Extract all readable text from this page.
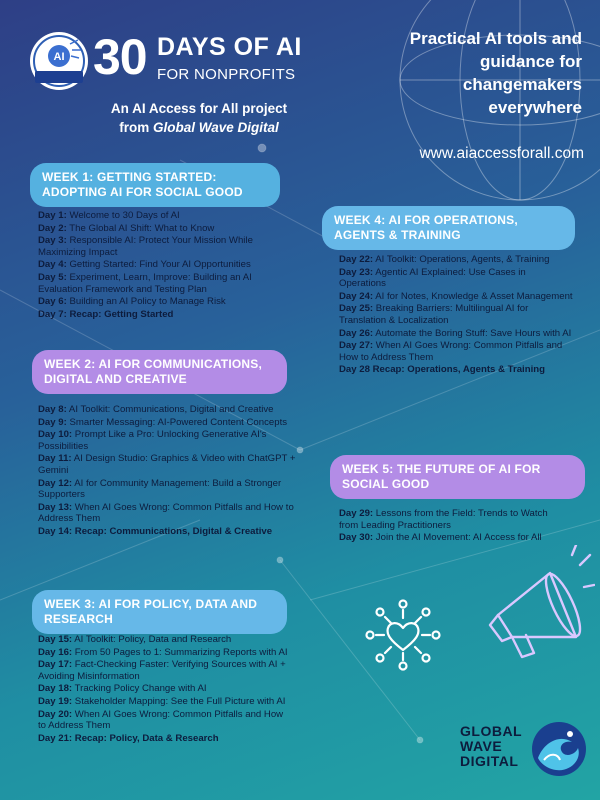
AI 30 DAYS OF AI
FOR NONPROFITS
An AI Access for All project
from Global Wave Digital
Practical AI tools and guidance for changemakers everywhere
www.aiaccessforall.com
WEEK 1: GETTING STARTED: ADOPTING AI FOR SOCIAL GOOD
Day 1: Welcome to 30 Days of AI
Day 2: The Global AI Shift: What to Know
Day 3: Responsible AI: Protect Your Mission While Maximizing Impact
Day 4: Getting Started: Find Your AI Opportunities
Day 5: Experiment, Learn, Improve: Building an AI Evaluation Framework and Testing Plan
Day 6: Building an AI Policy to Manage Risk
Day 7: Recap: Getting Started
WEEK 2: AI FOR COMMUNICATIONS, DIGITAL AND CREATIVE
Day 8: AI Toolkit: Communications, Digital and Creative
Day 9: Smarter Messaging: AI-Powered Content Concepts
Day 10: Prompt Like a Pro: Unlocking Generative AI's Possibilities
Day 11: AI Design Studio: Graphics & Video with ChatGPT + Gemini
Day 12: AI for Community Management: Build a Stronger Supporters
Day 13: When AI Goes Wrong: Common Pitfalls and How to Address Them
Day 14: Recap: Communications, Digital & Creative
WEEK 3: AI FOR POLICY, DATA AND RESEARCH
Day 15: AI Toolkit: Policy, Data and Research
Day 16: From 50 Pages to 1: Summarizing Reports with AI
Day 17: Fact-Checking Faster: Verifying Sources with AI + Avoiding Misinformation
Day 18: Tracking Policy Change with AI
Day 19: Stakeholder Mapping: See the Full Picture with AI
Day 20: When AI Goes Wrong: Common Pitfalls and How to Address Them
Day 21: Recap: Policy, Data & Research
WEEK 4: AI FOR OPERATIONS, AGENTS & TRAINING
Day 22: AI Toolkit: Operations, Agents, & Training
Day 23: Agentic AI Explained: Use Cases in Operations
Day 24: AI for Notes, Knowledge & Asset Management
Day 25: Breaking Barriers: Multilingual AI for Translation & Localization
Day 26: Automate the Boring Stuff: Save Hours with AI
Day 27: When AI Goes Wrong: Common Pitfalls and How to Address Them
Day 28 Recap: Operations, Agents & Training
WEEK 5: THE FUTURE OF AI FOR SOCIAL GOOD
Day 29: Lessons from the Field: Trends to Watch from Leading Practitioners
Day 30: Join the AI Movement: AI Access for All
GLOBAL
WAVE
DIGITAL
